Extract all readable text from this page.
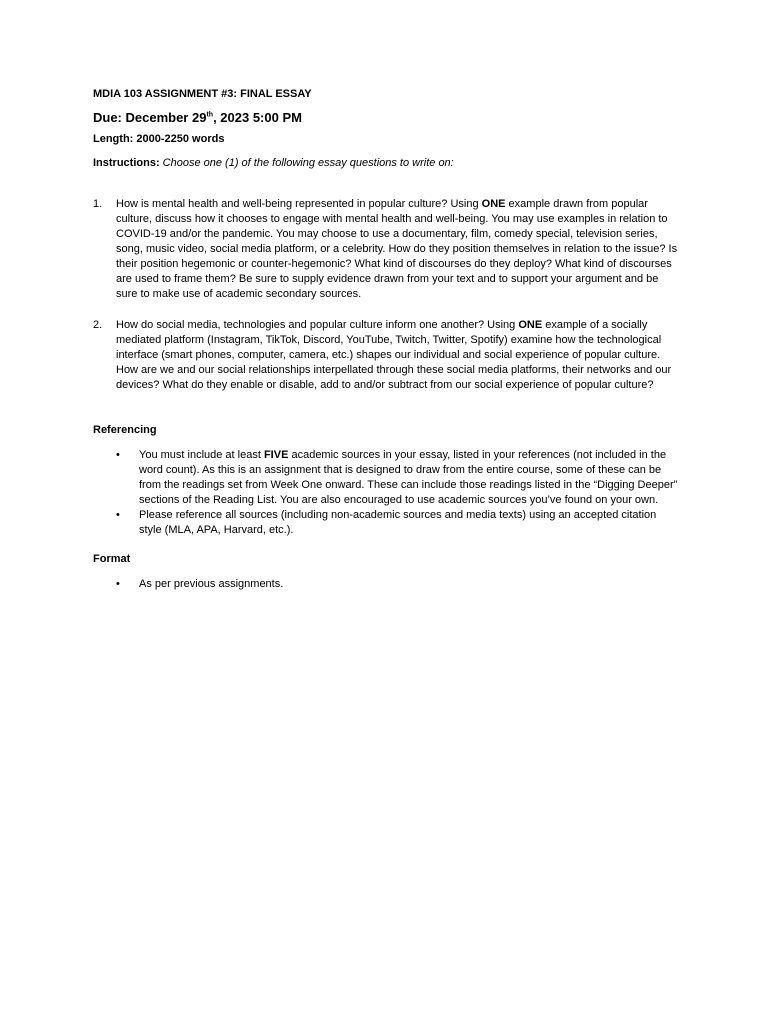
MDIA 103 ASSIGNMENT #3: FINAL ESSAY
Due: December 29th, 2023 5:00 PM
Length: 2000-2250 words
Instructions: Choose one (1) of the following essay questions to write on:
1. How is mental health and well-being represented in popular culture? Using ONE example drawn from popular culture, discuss how it chooses to engage with mental health and well-being. You may use examples in relation to COVID-19 and/or the pandemic. You may choose to use a documentary, film, comedy special, television series, song, music video, social media platform, or a celebrity. How do they position themselves in relation to the issue? Is their position hegemonic or counter-hegemonic? What kind of discourses do they deploy? What kind of discourses are used to frame them? Be sure to supply evidence drawn from your text and to support your argument and be sure to make use of academic secondary sources.
2. How do social media, technologies and popular culture inform one another? Using ONE example of a socially mediated platform (Instagram, TikTok, Discord, YouTube, Twitch, Twitter, Spotify) examine how the technological interface (smart phones, computer, camera, etc.) shapes our individual and social experience of popular culture. How are we and our social relationships interpellated through these social media platforms, their networks and our devices? What do they enable or disable, add to and/or subtract from our social experience of popular culture?
Referencing
• You must include at least FIVE academic sources in your essay, listed in your references (not included in the word count). As this is an assignment that is designed to draw from the entire course, some of these can be from the readings set from Week One onward. These can include those readings listed in the “Digging Deeper” sections of the Reading List. You are also encouraged to use academic sources you’ve found on your own.
• Please reference all sources (including non-academic sources and media texts) using an accepted citation style (MLA, APA, Harvard, etc.).
Format
• As per previous assignments.
